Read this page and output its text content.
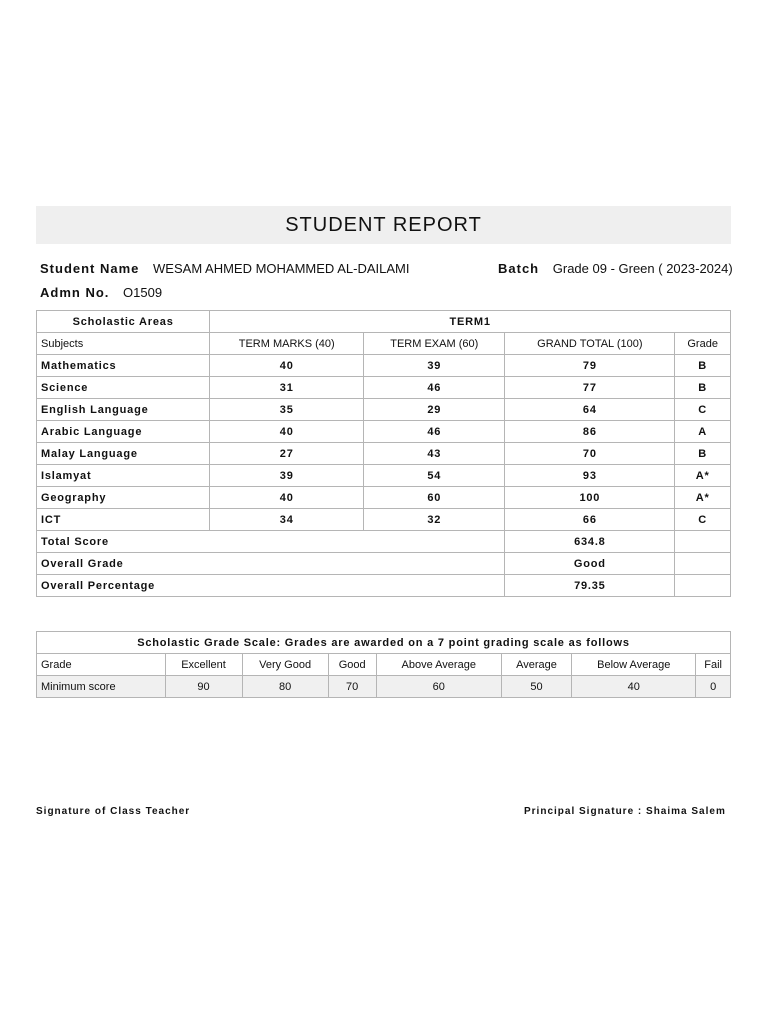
STUDENT REPORT
Student Name WESAM AHMED MOHAMMED AL-DAILAMI	Batch Grade 09 - Green ( 2023-2024)
Admn No. O1509
Scholastic Areas	TERM1			
Subjects	TERM MARKS (40)	TERM EXAM (60)	GRAND TOTAL (100)	Grade
Mathematics	40	39	79	B
Science	31	46	77	B
English Language	35	29	64	C
Arabic Language	40	46	86	A
Malay Language	27	43	70	B
Islamyat	39	54	93	A*
Geography	40	60	100	A*
ICT	34	32	66	C
Total Score			634.8	
Overall Grade			Good	
Overall Percentage			79.35	
Scholastic Grade Scale: Grades are awarded on a 7 point grading scale as follows							
Grade	Excellent	Very Good	Good	Above Average	Average	Below Average	Fail
Minimum score	90	80	70	60	50	40	0
Signature of Class Teacher	Principal Signature : Shaima Salem
